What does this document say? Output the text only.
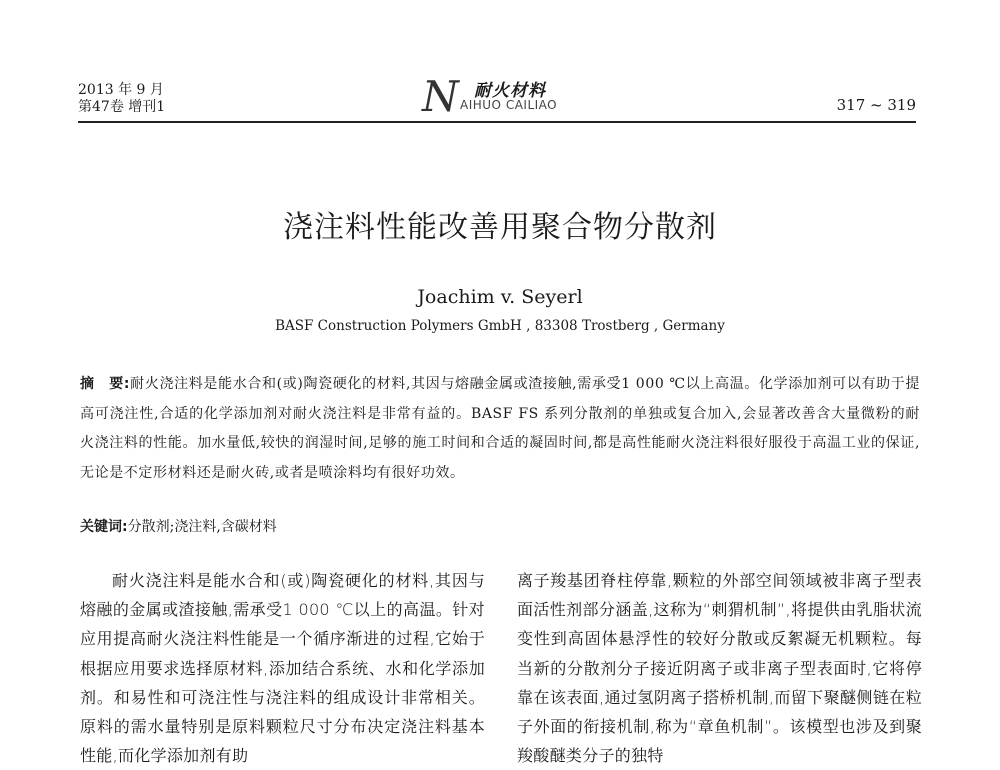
2013 年 9 月
第47卷 增刊1	N 耐火材料
AIHUO CAILIAO	317 ~ 319
浇注料性能改善用聚合物分散剂
Joachim v. Seyerl
BASF Construction Polymers GmbH , 83308 Trostberg , Germany
摘　要:耐火浇注料是能水合和(或)陶瓷硬化的材料,其因与熔融金属或渣接触,需承受1 000 ℃以上高温。化学添加剂可以有助于提高可浇注性,合适的化学添加剂对耐火浇注料是非常有益的。BASF FS 系列分散剂的单独或复合加入,会显著改善含大量微粉的耐火浇注料的性能。加水量低,较快的润湿时间,足够的施工时间和合适的凝固时间,都是高性能耐火浇注料很好服役于高温工业的保证,无论是不定形材料还是耐火砖,或者是喷涂料均有很好功效。
关键词:分散剂;浇注料,含碳材料
耐火浇注料是能水合和(或)陶瓷硬化的材料,其因与熔融的金属或渣接触,需承受1 000 ℃以上的高温。针对应用提高耐火浇注料性能是一个循序渐进的过程,它始于根据应用要求选择原材料,添加结合系统、水和化学添加剂。和易性和可浇注性与浇注料的组成设计非常相关。原料的需水量特别是原料颗粒尺寸分布决定浇注料基本性能,而化学添加剂有助
离子羧基团脊柱停靠,颗粒的外部空间领域被非离子型表面活性剂部分涵盖,这称为“刺猬机制”,将提供由乳脂状流变性到高固体悬浮性的较好分散或反絮凝无机颗粒。每当新的分散剂分子接近阴离子或非离子型表面时,它将停靠在该表面,通过氢阴离子搭桥机制,而留下聚醚侧链在粒子外面的衔接机制,称为“章鱼机制”。该模型也涉及到聚羧酸醚类分子的独特
